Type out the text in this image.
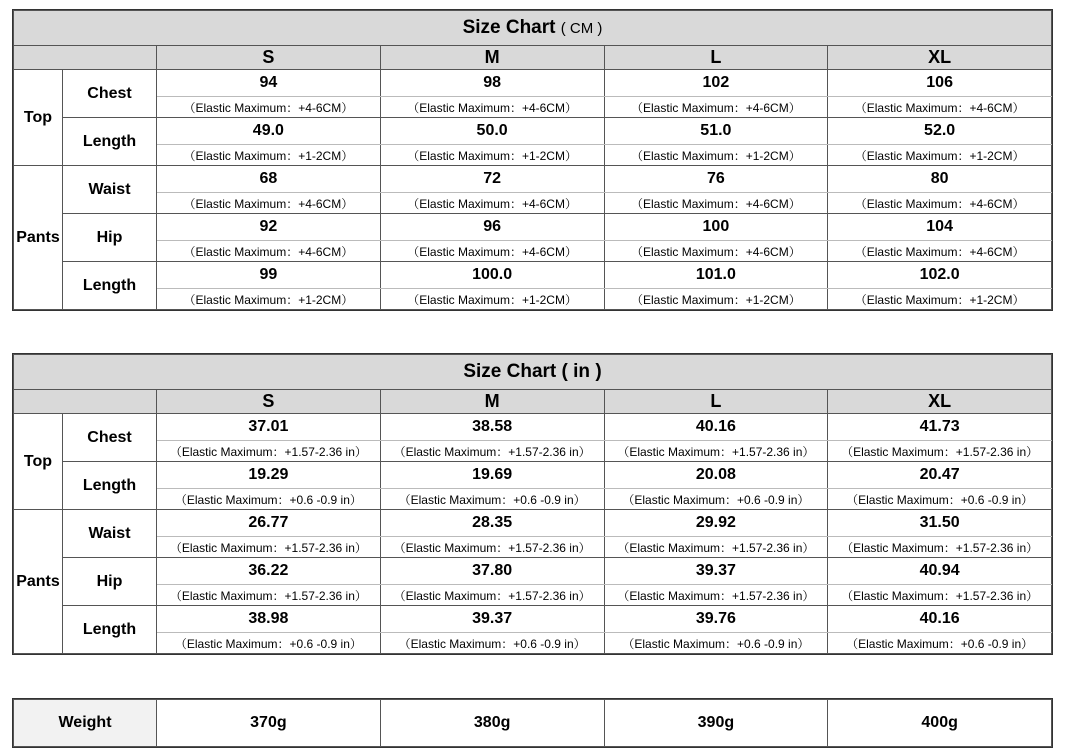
Size Chart ( CM )					
		S	M	L	XL
Top	Chest	94	98	102	106
		（Elastic Maximum：+4-6CM）	（Elastic Maximum：+4-6CM）	（Elastic Maximum：+4-6CM）	（Elastic Maximum：+4-6CM）
	Length	49.0	50.0	51.0	52.0
		（Elastic Maximum：+1-2CM）	（Elastic Maximum：+1-2CM）	（Elastic Maximum：+1-2CM）	（Elastic Maximum：+1-2CM）
Pants	Waist	68	72	76	80
		（Elastic Maximum：+4-6CM）	（Elastic Maximum：+4-6CM）	（Elastic Maximum：+4-6CM）	（Elastic Maximum：+4-6CM）
	Hip	92	96	100	104
		（Elastic Maximum：+4-6CM）	（Elastic Maximum：+4-6CM）	（Elastic Maximum：+4-6CM）	（Elastic Maximum：+4-6CM）
	Length	99	100.0	101.0	102.0
		（Elastic Maximum：+1-2CM）	（Elastic Maximum：+1-2CM）	（Elastic Maximum：+1-2CM）	（Elastic Maximum：+1-2CM）
Size Chart ( in )					
		S	M	L	XL
Top	Chest	37.01	38.58	40.16	41.73
		（Elastic Maximum：+1.57-2.36 in）	（Elastic Maximum：+1.57-2.36 in）	（Elastic Maximum：+1.57-2.36 in）	（Elastic Maximum：+1.57-2.36 in）
	Length	19.29	19.69	20.08	20.47
		（Elastic Maximum：+0.6 -0.9 in）	（Elastic Maximum：+0.6 -0.9 in）	（Elastic Maximum：+0.6 -0.9 in）	（Elastic Maximum：+0.6 -0.9 in）
Pants	Waist	26.77	28.35	29.92	31.50
		（Elastic Maximum：+1.57-2.36 in）	（Elastic Maximum：+1.57-2.36 in）	（Elastic Maximum：+1.57-2.36 in）	（Elastic Maximum：+1.57-2.36 in）
	Hip	36.22	37.80	39.37	40.94
		（Elastic Maximum：+1.57-2.36 in）	（Elastic Maximum：+1.57-2.36 in）	（Elastic Maximum：+1.57-2.36 in）	（Elastic Maximum：+1.57-2.36 in）
	Length	38.98	39.37	39.76	40.16
		（Elastic Maximum：+0.6 -0.9 in）	（Elastic Maximum：+0.6 -0.9 in）	（Elastic Maximum：+0.6 -0.9 in）	（Elastic Maximum：+0.6 -0.9 in）
Weight	370g	380g	390g	400g
